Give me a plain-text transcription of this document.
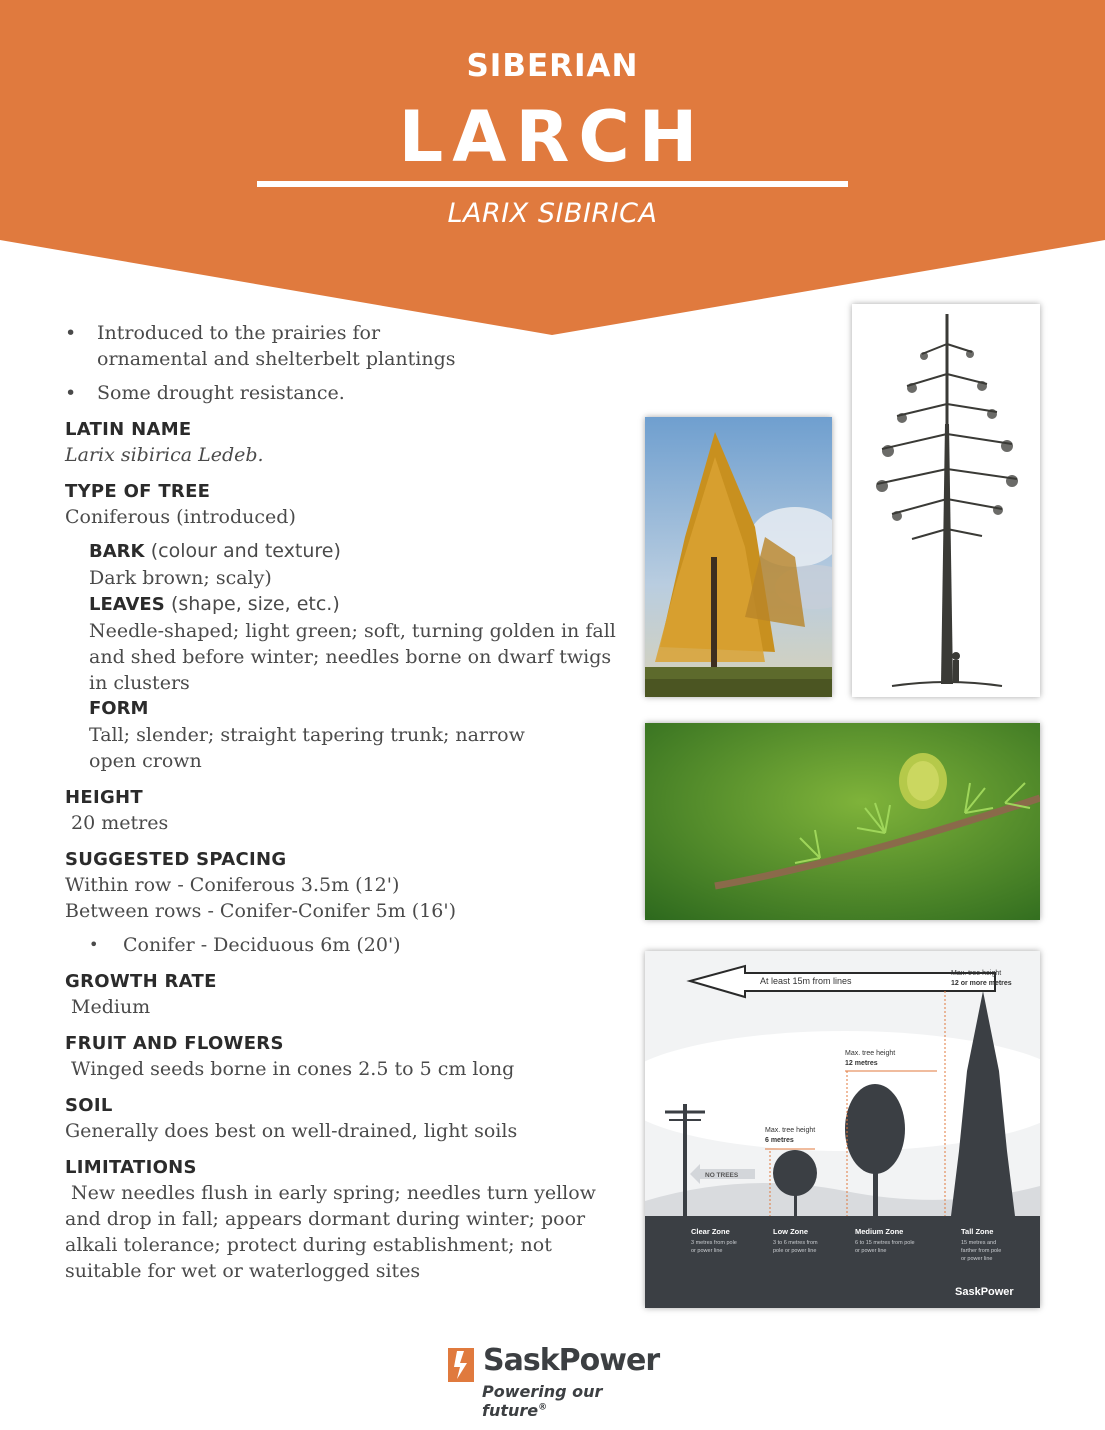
SIBERIAN
LARCH
LARIX SIBIRICA
• Introduced to the prairies for ornamental and shelterbelt plantings
• Some drought resistance.
LATIN NAME
Larix sibirica Ledeb.
TYPE OF TREE
Coniferous (introduced)
BARK (colour and texture)
Dark brown; scaly)
LEAVES (shape, size, etc.)
Needle-shaped; light green; soft, turning golden in fall and shed before winter; needles borne on dwarf twigs in clusters
FORM
Tall; slender; straight tapering trunk; narrow open crown
HEIGHT
20 metres
SUGGESTED SPACING
Within row - Coniferous 3.5m (12')
Between rows - Conifer-Conifer 5m (16')
• Conifer - Deciduous 6m (20')
GROWTH RATE
Medium
FRUIT AND FLOWERS
Winged seeds borne in cones 2.5 to 5 cm long
SOIL
Generally does best on well-drained, light soils
LIMITATIONS
New needles flush in early spring; needles turn yellow and drop in fall; appears dormant during winter; poor alkali tolerance; protect during establishment; not suitable for wet or waterlogged sites
At least 15m from lines
Max. tree height
12 or more metres
Max. tree height
12 metres
Max. tree height
6 metres
NO TREES
Clear Zone
3 metres from pole
or power line
Low Zone
3 to 6 metres from
pole or power line
Medium Zone
6 to 15 metres from pole
or power line
Tall Zone
15 metres and
farther from pole
or power line
SaskPower
SaskPower
Powering our future®
